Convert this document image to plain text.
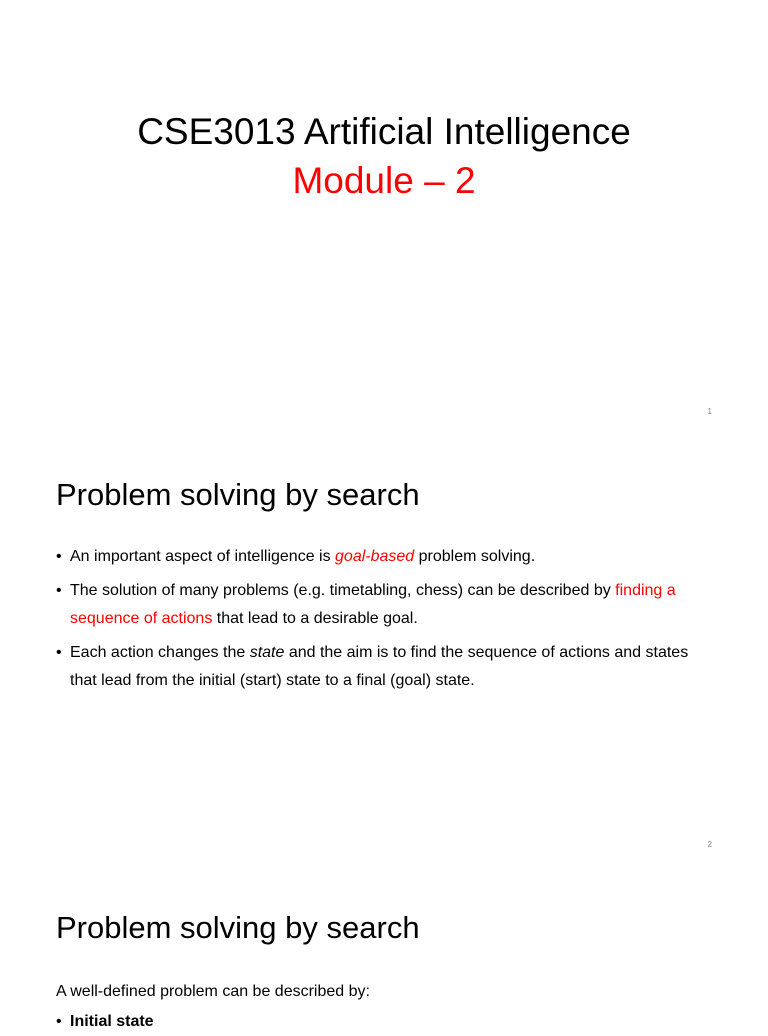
CSE3013 Artificial Intelligence
Module – 2
1
Problem solving by search
• An important aspect of intelligence is goal-based problem solving.
• The solution of many problems (e.g. timetabling, chess) can be described by finding a sequence of actions that lead to a desirable goal.
• Each action changes the state and the aim is to find the sequence of actions and states that lead from the initial (start) state to a final (goal) state.
2
Problem solving by search
A well-defined problem can be described by:
• Initial state
